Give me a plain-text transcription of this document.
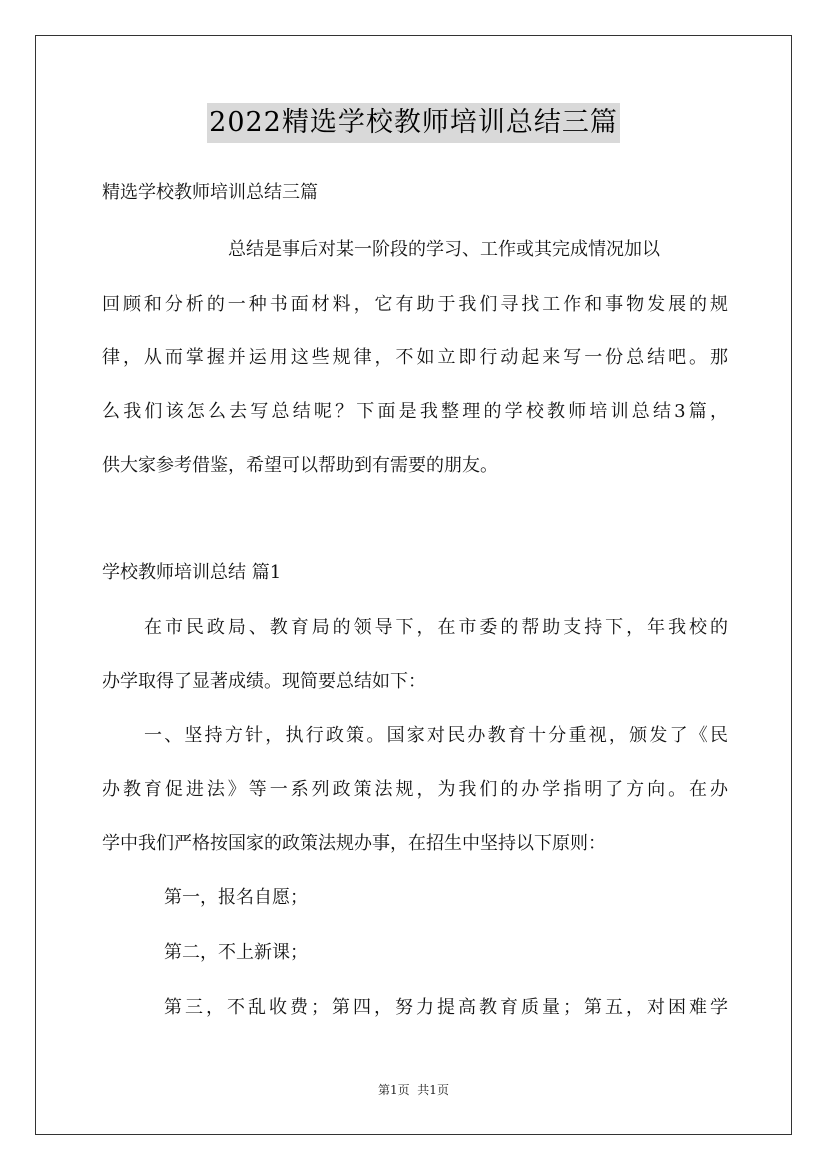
2022精选学校教师培训总结三篇
精选学校教师培训总结三篇
总结是事后对某一阶段的学习、工作或其完成情况加以
回顾和分析的一种书面材料，它有助于我们寻找工作和事物发展的规
律，从而掌握并运用这些规律，不如立即行动起来写一份总结吧。那
么我们该怎么去写总结呢？下面是我整理的学校教师培训总结3篇，
供大家参考借鉴，希望可以帮助到有需要的朋友。
学校教师培训总结 篇1
在市民政局、教育局的领导下，在市委的帮助支持下，年我校的
办学取得了显著成绩。现简要总结如下：
一、坚持方针，执行政策。国家对民办教育十分重视，颁发了《民
办教育促进法》等一系列政策法规，为我们的办学指明了方向。在办
学中我们严格按国家的政策法规办事，在招生中坚持以下原则：
第一，报名自愿；
第二，不上新课；
第三，不乱收费；第四，努力提高教育质量；第五，对困难学
第1页  共1页
